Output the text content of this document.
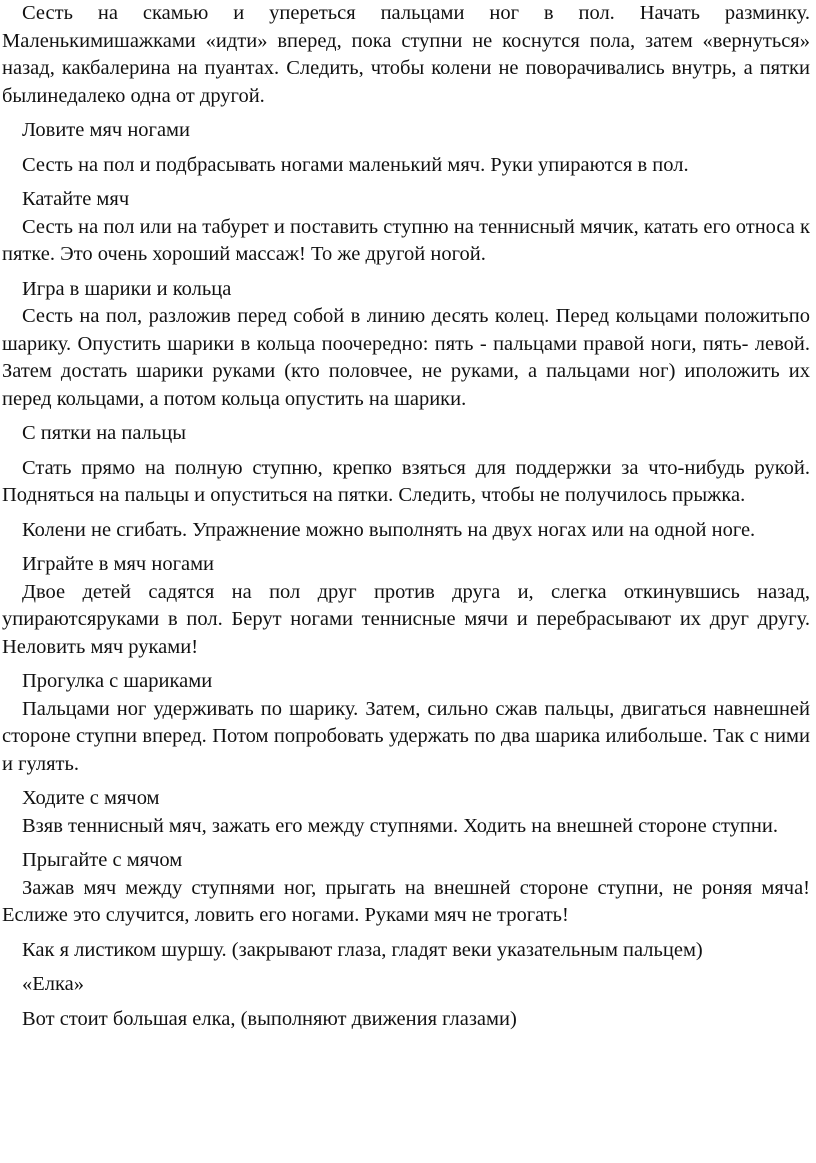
Сесть на скамью и упереться пальцами ног в пол. Начать разминку. Маленькимишажками «идти» вперед, пока ступни не коснутся пола, затем «вернуться» назад, какбалерина на пуантах. Следить, чтобы колени не поворачивались внутрь, а пятки былинедалеко одна от другой.

Ловите мяч ногами

Сесть на пол и подбрасывать ногами маленький мяч. Руки упираются в пол.

Катайте мяч

Сесть на пол или на табурет и поставить ступню на теннисный мячик, катать его относа к пятке. Это очень хороший массаж! То же другой ногой.

Игра в шарики и кольца

Сесть на пол, разложив перед собой в линию десять колец. Перед кольцами положитьпо шарику. Опустить шарики в кольца поочередно: пять - пальцами правой ноги, пять- левой. Затем достать шарики руками (кто половчее, не руками, а пальцами ног) иположить их перед кольцами, а потом кольца опустить на шарики.

С пятки на пальцы

Стать прямо на полную ступню, крепко взяться для поддержки за что-нибудь рукой. Подняться на пальцы и опуститься на пятки. Следить, чтобы не получилось прыжка.

Колени не сгибать. Упражнение можно выполнять на двух ногах или на одной ноге.

Играйте в мяч ногами

Двое детей садятся на пол друг против друга и, слегка откинувшись назад, упираютсяруками в пол. Берут ногами теннисные мячи и перебрасывают их друг другу. Неловить мяч руками!

Прогулка с шариками

Пальцами ног удерживать по шарику. Затем, сильно сжав пальцы, двигаться навнешней стороне ступни вперед. Потом попробовать удержать по два шарика илибольше. Так с ними и гулять.

Ходите с мячом

Взяв теннисный мяч, зажать его между ступнями. Ходить на внешней стороне ступни.

Прыгайте с мячом

Зажав мяч между ступнями ног, прыгать на внешней стороне ступни, не роняя мяча! Еслиже это случится, ловить его ногами. Руками мяч не трогать!

Как я листиком шуршу. (закрывают глаза, гладят веки указательным пальцем)

«Елка»

Вот стоит большая елка, (выполняют движения глазами)
